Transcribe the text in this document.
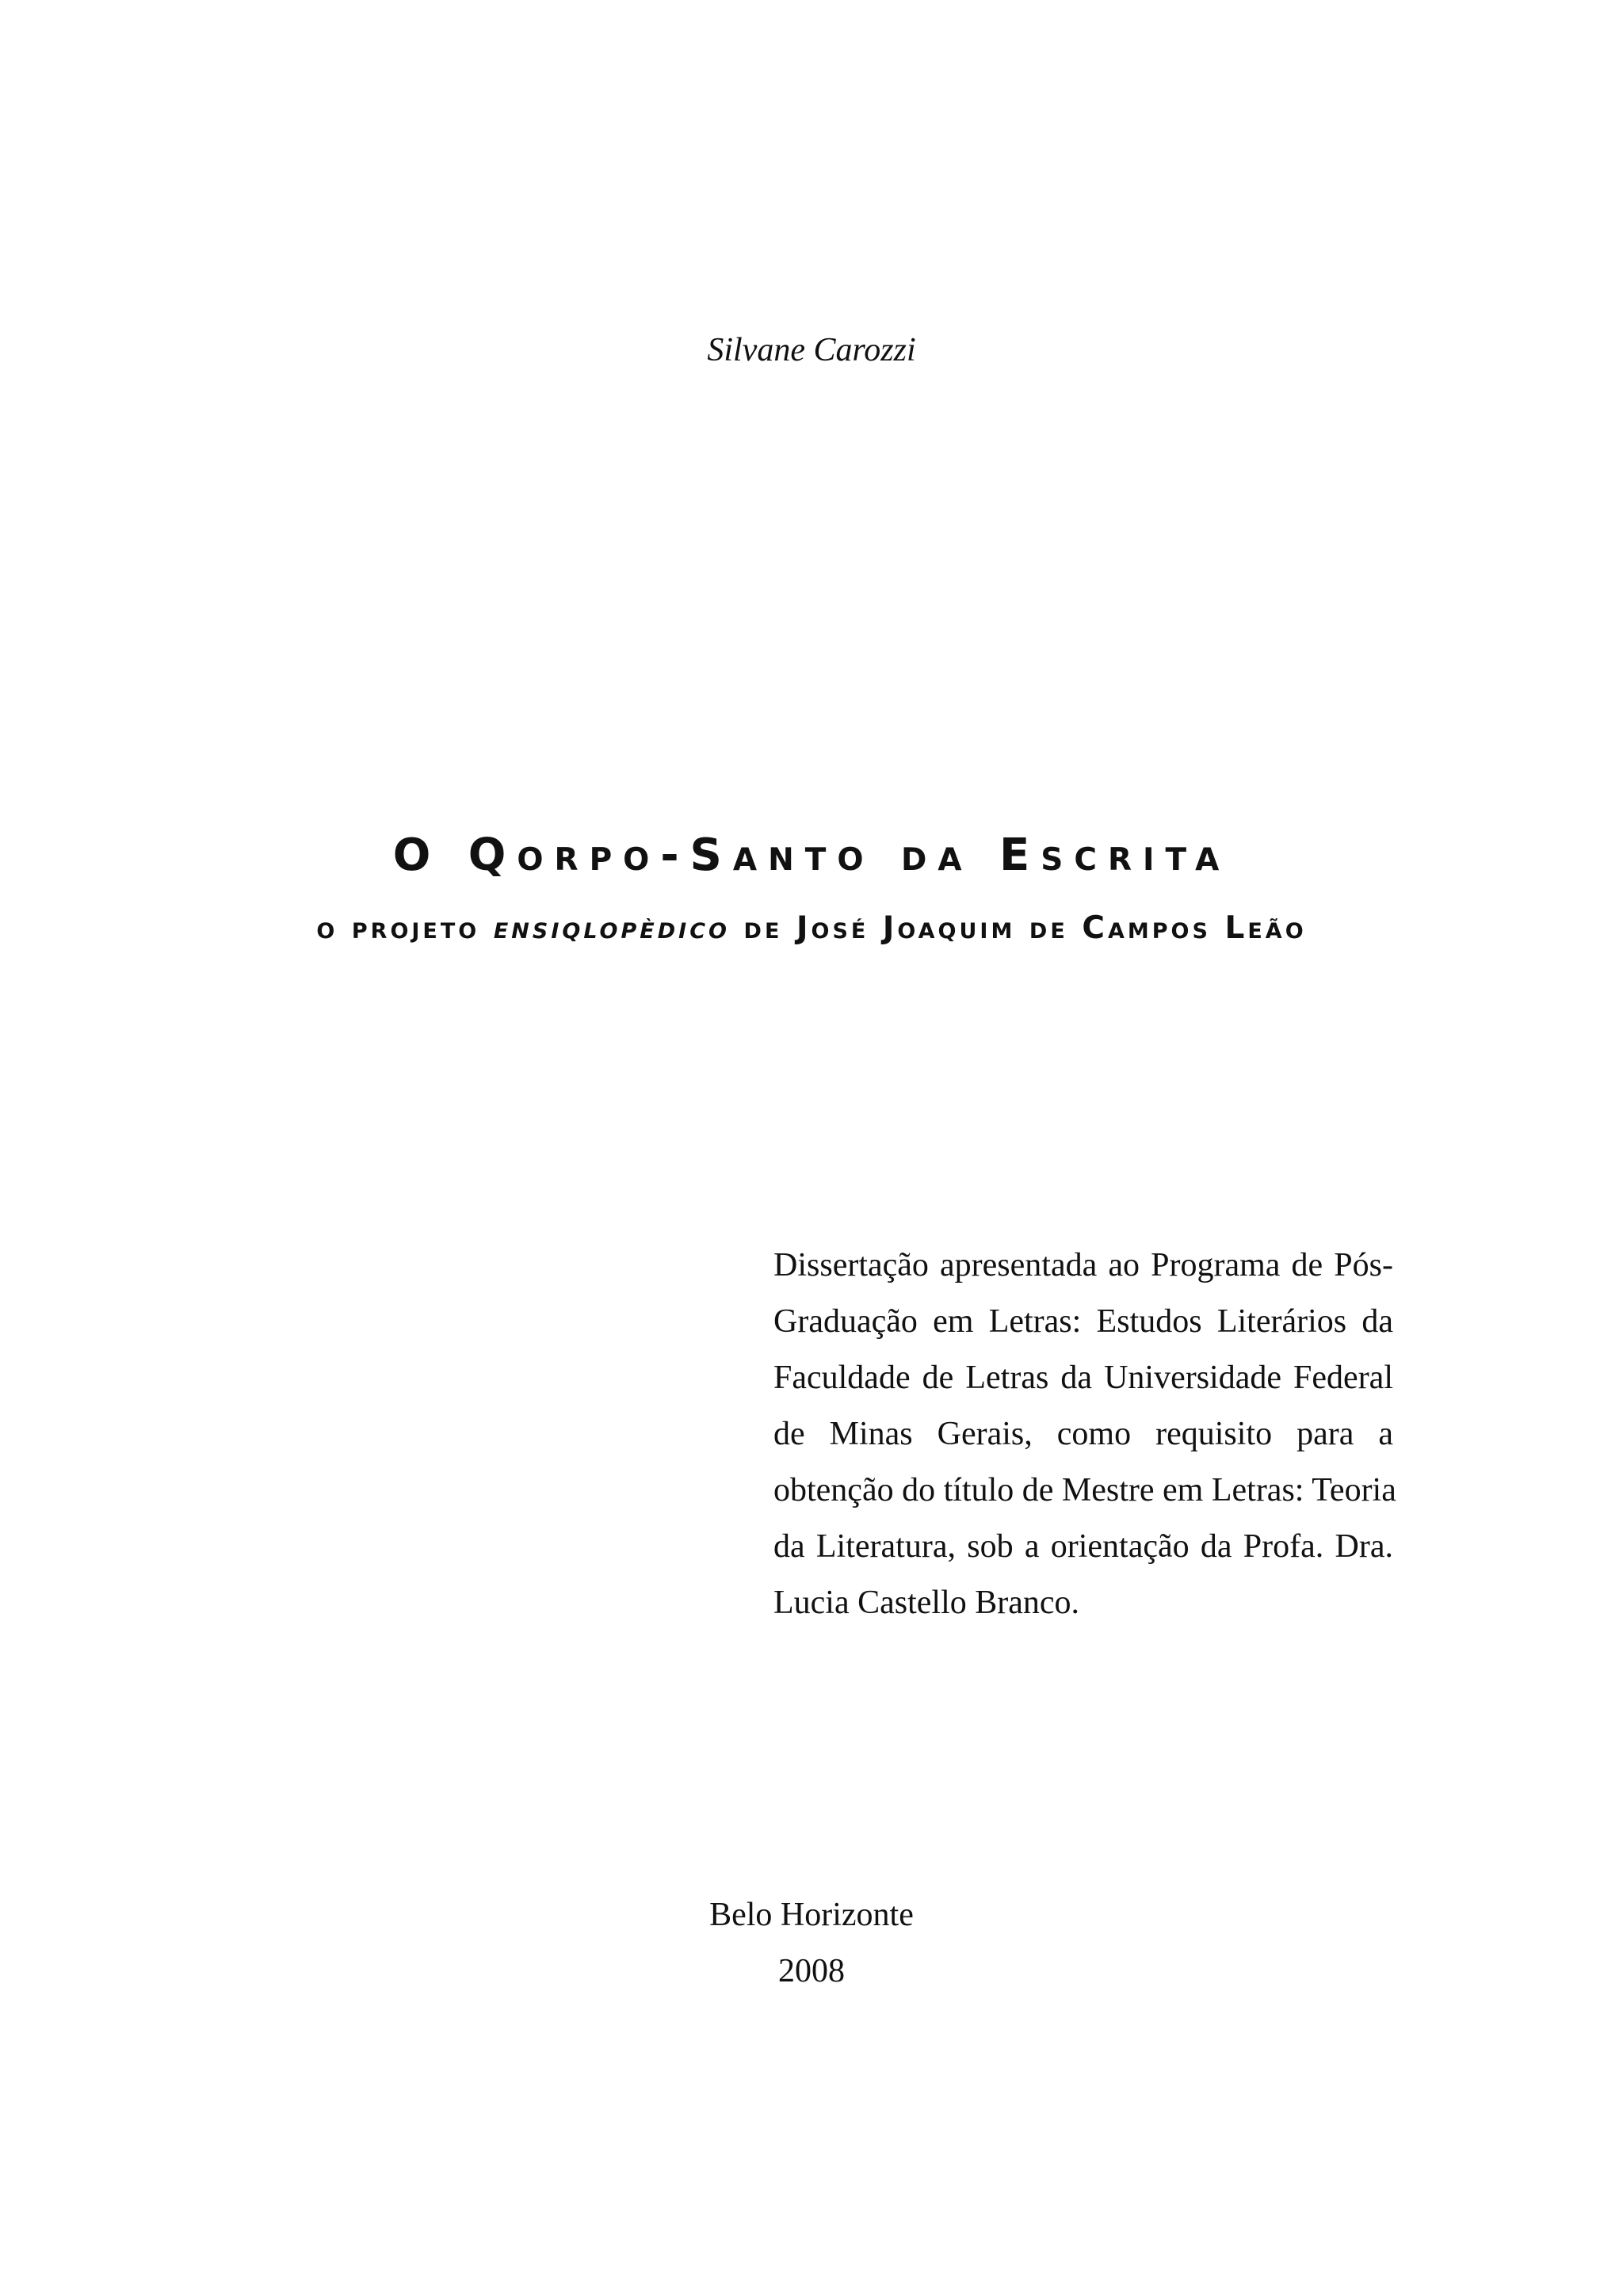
Silvane Carozzi
O Qorpo-Santo da Escrita
o projeto ensiqlopèdico de José Joaquim de Campos Leão
Dissertação apresentada ao Programa de Pós-
Graduação em Letras: Estudos Literários da
Faculdade de Letras da Universidade Federal
de Minas Gerais, como requisito para a
obtenção do título de Mestre em Letras: Teoria
da Literatura, sob a orientação da Profa. Dra.
Lucia Castello Branco.
Belo Horizonte
2008
